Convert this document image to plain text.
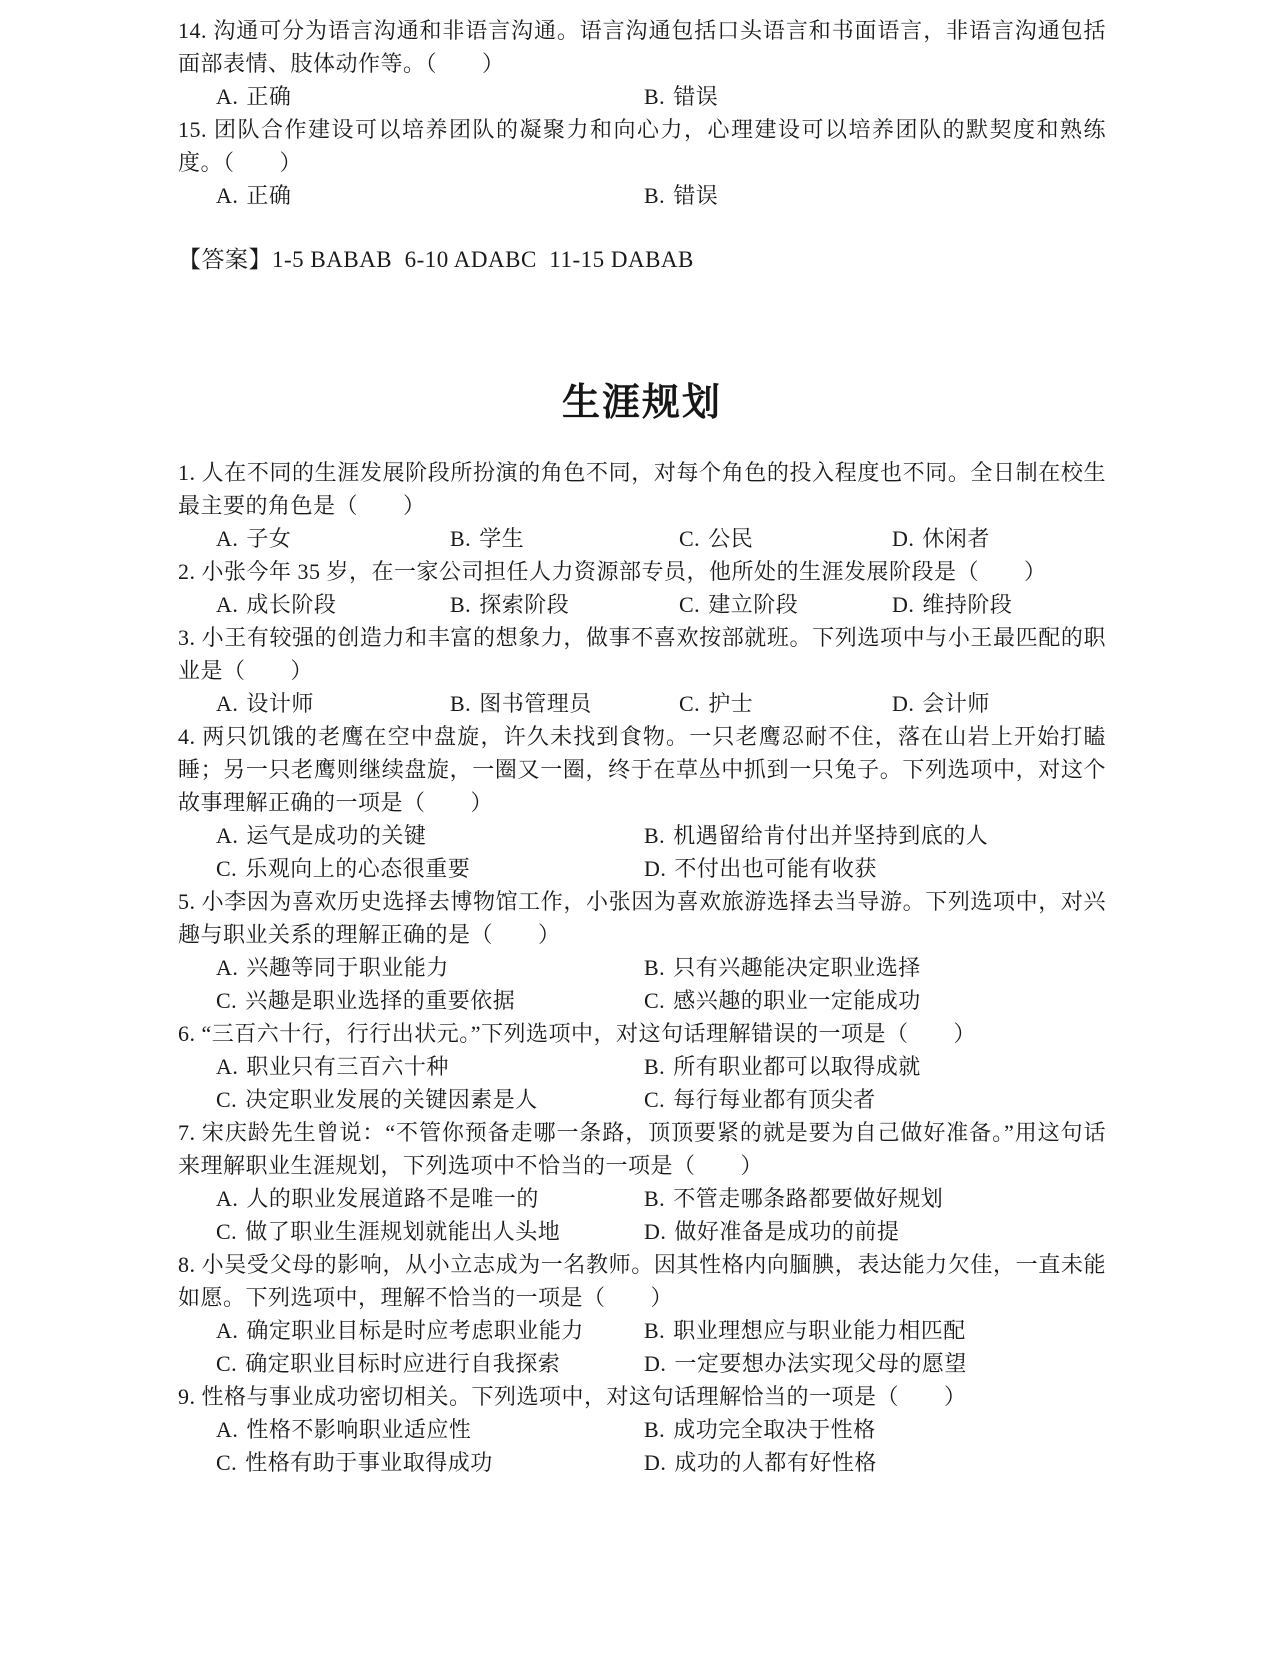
14. 沟通可分为语言沟通和非语言沟通。语言沟通包括口头语言和书面语言，非语言沟通包括面部表情、肢体动作等。（　　）

A. 正确	B. 错误

15. 团队合作建设可以培养团队的凝聚力和向心力，心理建设可以培养团队的默契度和熟练度。（　　）

A. 正确	B. 错误

【答案】1-5 BABAB  6-10 ADABC  11-15 DABAB

生涯规划

1. 人在不同的生涯发展阶段所扮演的角色不同，对每个角色的投入程度也不同。全日制在校生最主要的角色是（　　）

A. 子女	B. 学生	C. 公民	D. 休闲者

2. 小张今年 35 岁，在一家公司担任人力资源部专员，他所处的生涯发展阶段是（　　）

A. 成长阶段	B. 探索阶段	C. 建立阶段	D. 维持阶段

3. 小王有较强的创造力和丰富的想象力，做事不喜欢按部就班。下列选项中与小王最匹配的职业是（　　）

A. 设计师	B. 图书管理员	C. 护士	D. 会计师

4. 两只饥饿的老鹰在空中盘旋，许久未找到食物。一只老鹰忍耐不住，落在山岩上开始打瞌睡；另一只老鹰则继续盘旋，一圈又一圈，终于在草丛中抓到一只兔子。下列选项中，对这个故事理解正确的一项是（　　）

A. 运气是成功的关键	B. 机遇留给肯付出并坚持到底的人
C. 乐观向上的心态很重要	D. 不付出也可能有收获

5. 小李因为喜欢历史选择去博物馆工作，小张因为喜欢旅游选择去当导游。下列选项中，对兴趣与职业关系的理解正确的是（　　）

A. 兴趣等同于职业能力	B. 只有兴趣能决定职业选择
C. 兴趣是职业选择的重要依据	C. 感兴趣的职业一定能成功

6. “三百六十行，行行出状元。”下列选项中，对这句话理解错误的一项是（　　）

A. 职业只有三百六十种	B. 所有职业都可以取得成就
C. 决定职业发展的关键因素是人	C. 每行每业都有顶尖者

7. 宋庆龄先生曾说：“不管你预备走哪一条路，顶顶要紧的就是要为自己做好准备。”用这句话来理解职业生涯规划，下列选项中不恰当的一项是（　　）

A. 人的职业发展道路不是唯一的	B. 不管走哪条路都要做好规划
C. 做了职业生涯规划就能出人头地	D. 做好准备是成功的前提

8. 小吴受父母的影响，从小立志成为一名教师。因其性格内向腼腆，表达能力欠佳，一直未能如愿。下列选项中，理解不恰当的一项是（　　）

A. 确定职业目标是时应考虑职业能力	B. 职业理想应与职业能力相匹配
C. 确定职业目标时应进行自我探索	D. 一定要想办法实现父母的愿望

9. 性格与事业成功密切相关。下列选项中，对这句话理解恰当的一项是（　　）

A. 性格不影响职业适应性	B. 成功完全取决于性格
C. 性格有助于事业取得成功	D. 成功的人都有好性格
